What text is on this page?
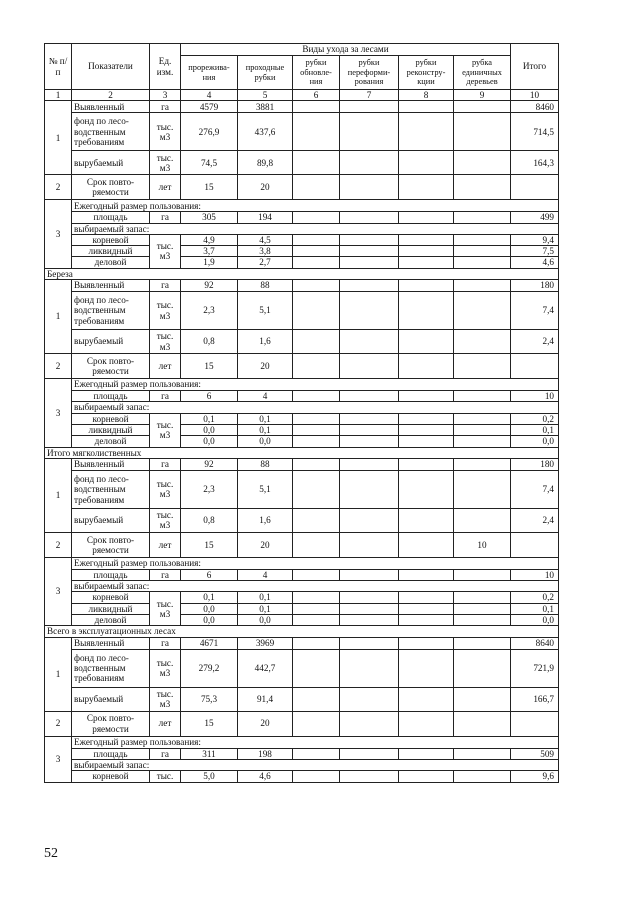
№ п/ п	Показатели	Ед. изм.	Виды ухода за лесами						Итого
			прорежива-ния	проходные рубки	рубки обновле-ния	рубки переформи-рования	рубки реконстру-кции	рубка единичных деревьев	
1	2	3	4	5	6	7	8	9	10
1	Выявленный	га	4579	3881					8460
	фонд по лесо-водственным требованиям	тыс. м3	276,9	437,6					714,5
	вырубаемый	тыс. м3	74,5	89,8					164,3
2	Срок повто-ряемости	лет	15	20					
3	Ежегодный размер пользования:								
	площадь	га	305	194					499
	выбираемый запас:								
	корневой	тыс. м3	4,9	4,5					9,4
	ликвидный		3,7	3,8					7,5
	деловой		1,9	2,7					4,6
Береза									
1	Выявленный	га	92	88					180
	фонд по лесо-водственным требованиям	тыс. м3	2,3	5,1					7,4
	вырубаемый	тыс. м3	0,8	1,6					2,4
2	Срок повто-ряемости	лет	15	20					
3	Ежегодный размер пользования:								
	площадь	га	6	4					10
	выбираемый запас:								
	корневой	тыс. м3	0,1	0,1					0,2
	ликвидный		0,0	0,1					0,1
	деловой		0,0	0,0					0,0
Итого мягколиственных									
1	Выявленный	га	92	88					180
	фонд по лесо-водственным требованиям	тыс. м3	2,3	5,1					7,4
	вырубаемый	тыс. м3	0,8	1,6					2,4
2	Срок повто-ряемости	лет	15	20				10	
3	Ежегодный размер пользования:								
	площадь	га	6	4					10
	выбираемый запас:								
	корневой	тыс. м3	0,1	0,1					0,2
	ликвидный		0,0	0,1					0,1
	деловой		0,0	0,0					0,0
Всего в эксплуатационных лесах									
1	Выявленный	га	4671	3969					8640
	фонд по лесо-водственным требованиям	тыс. м3	279,2	442,7					721,9
	вырубаемый	тыс. м3	75,3	91,4					166,7
2	Срок повто-ряемости	лет	15	20					
3	Ежегодный размер пользования:								
	площадь	га	311	198					509
	выбираемый запас:								
	корневой	тыс.	5,0	4,6					9,6
52
